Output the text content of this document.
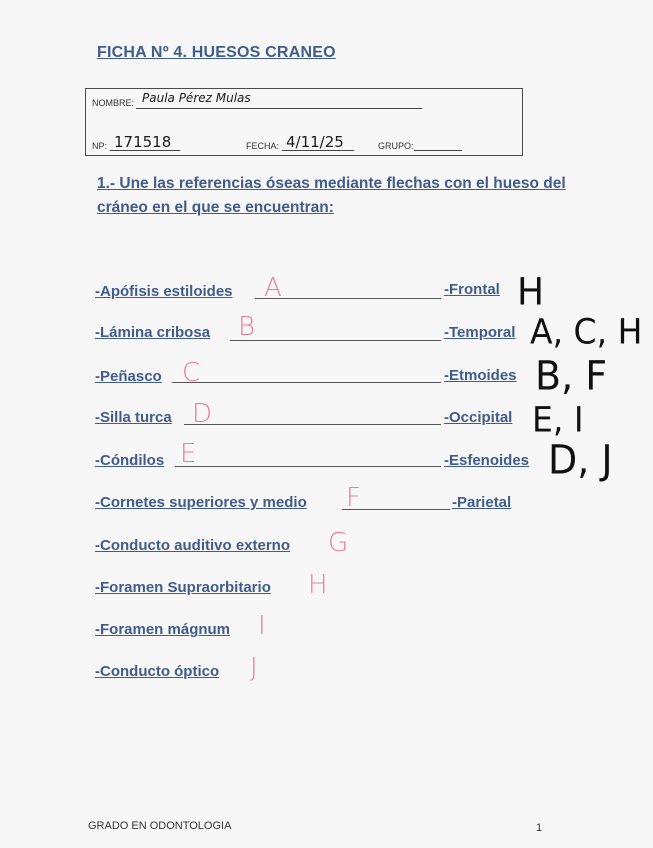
FICHA Nº 4. HUESOS CRANEO
NOMBRE: Paula Pérez Mulas
NP: 171518	FECHA: 4/11/25	GRUPO:
1.- Une las referencias óseas mediante flechas con el hueso del cráneo en el que se encuentran:
-Apófisis estiloides A	-Frontal H
-Lámina cribosa B	-Temporal A, C, H
-Peñasco C	-Etmoides B, F
-Silla turca D	-Occipital E, I
-Cóndilos E	-Esfenoides D, J
-Cornetes superiores y medio F	-Parietal
-Conducto auditivo externo G
-Foramen Supraorbitario H
-Foramen mágnum I
-Conducto óptico J
GRADO EN ODONTOLOGIA	1
